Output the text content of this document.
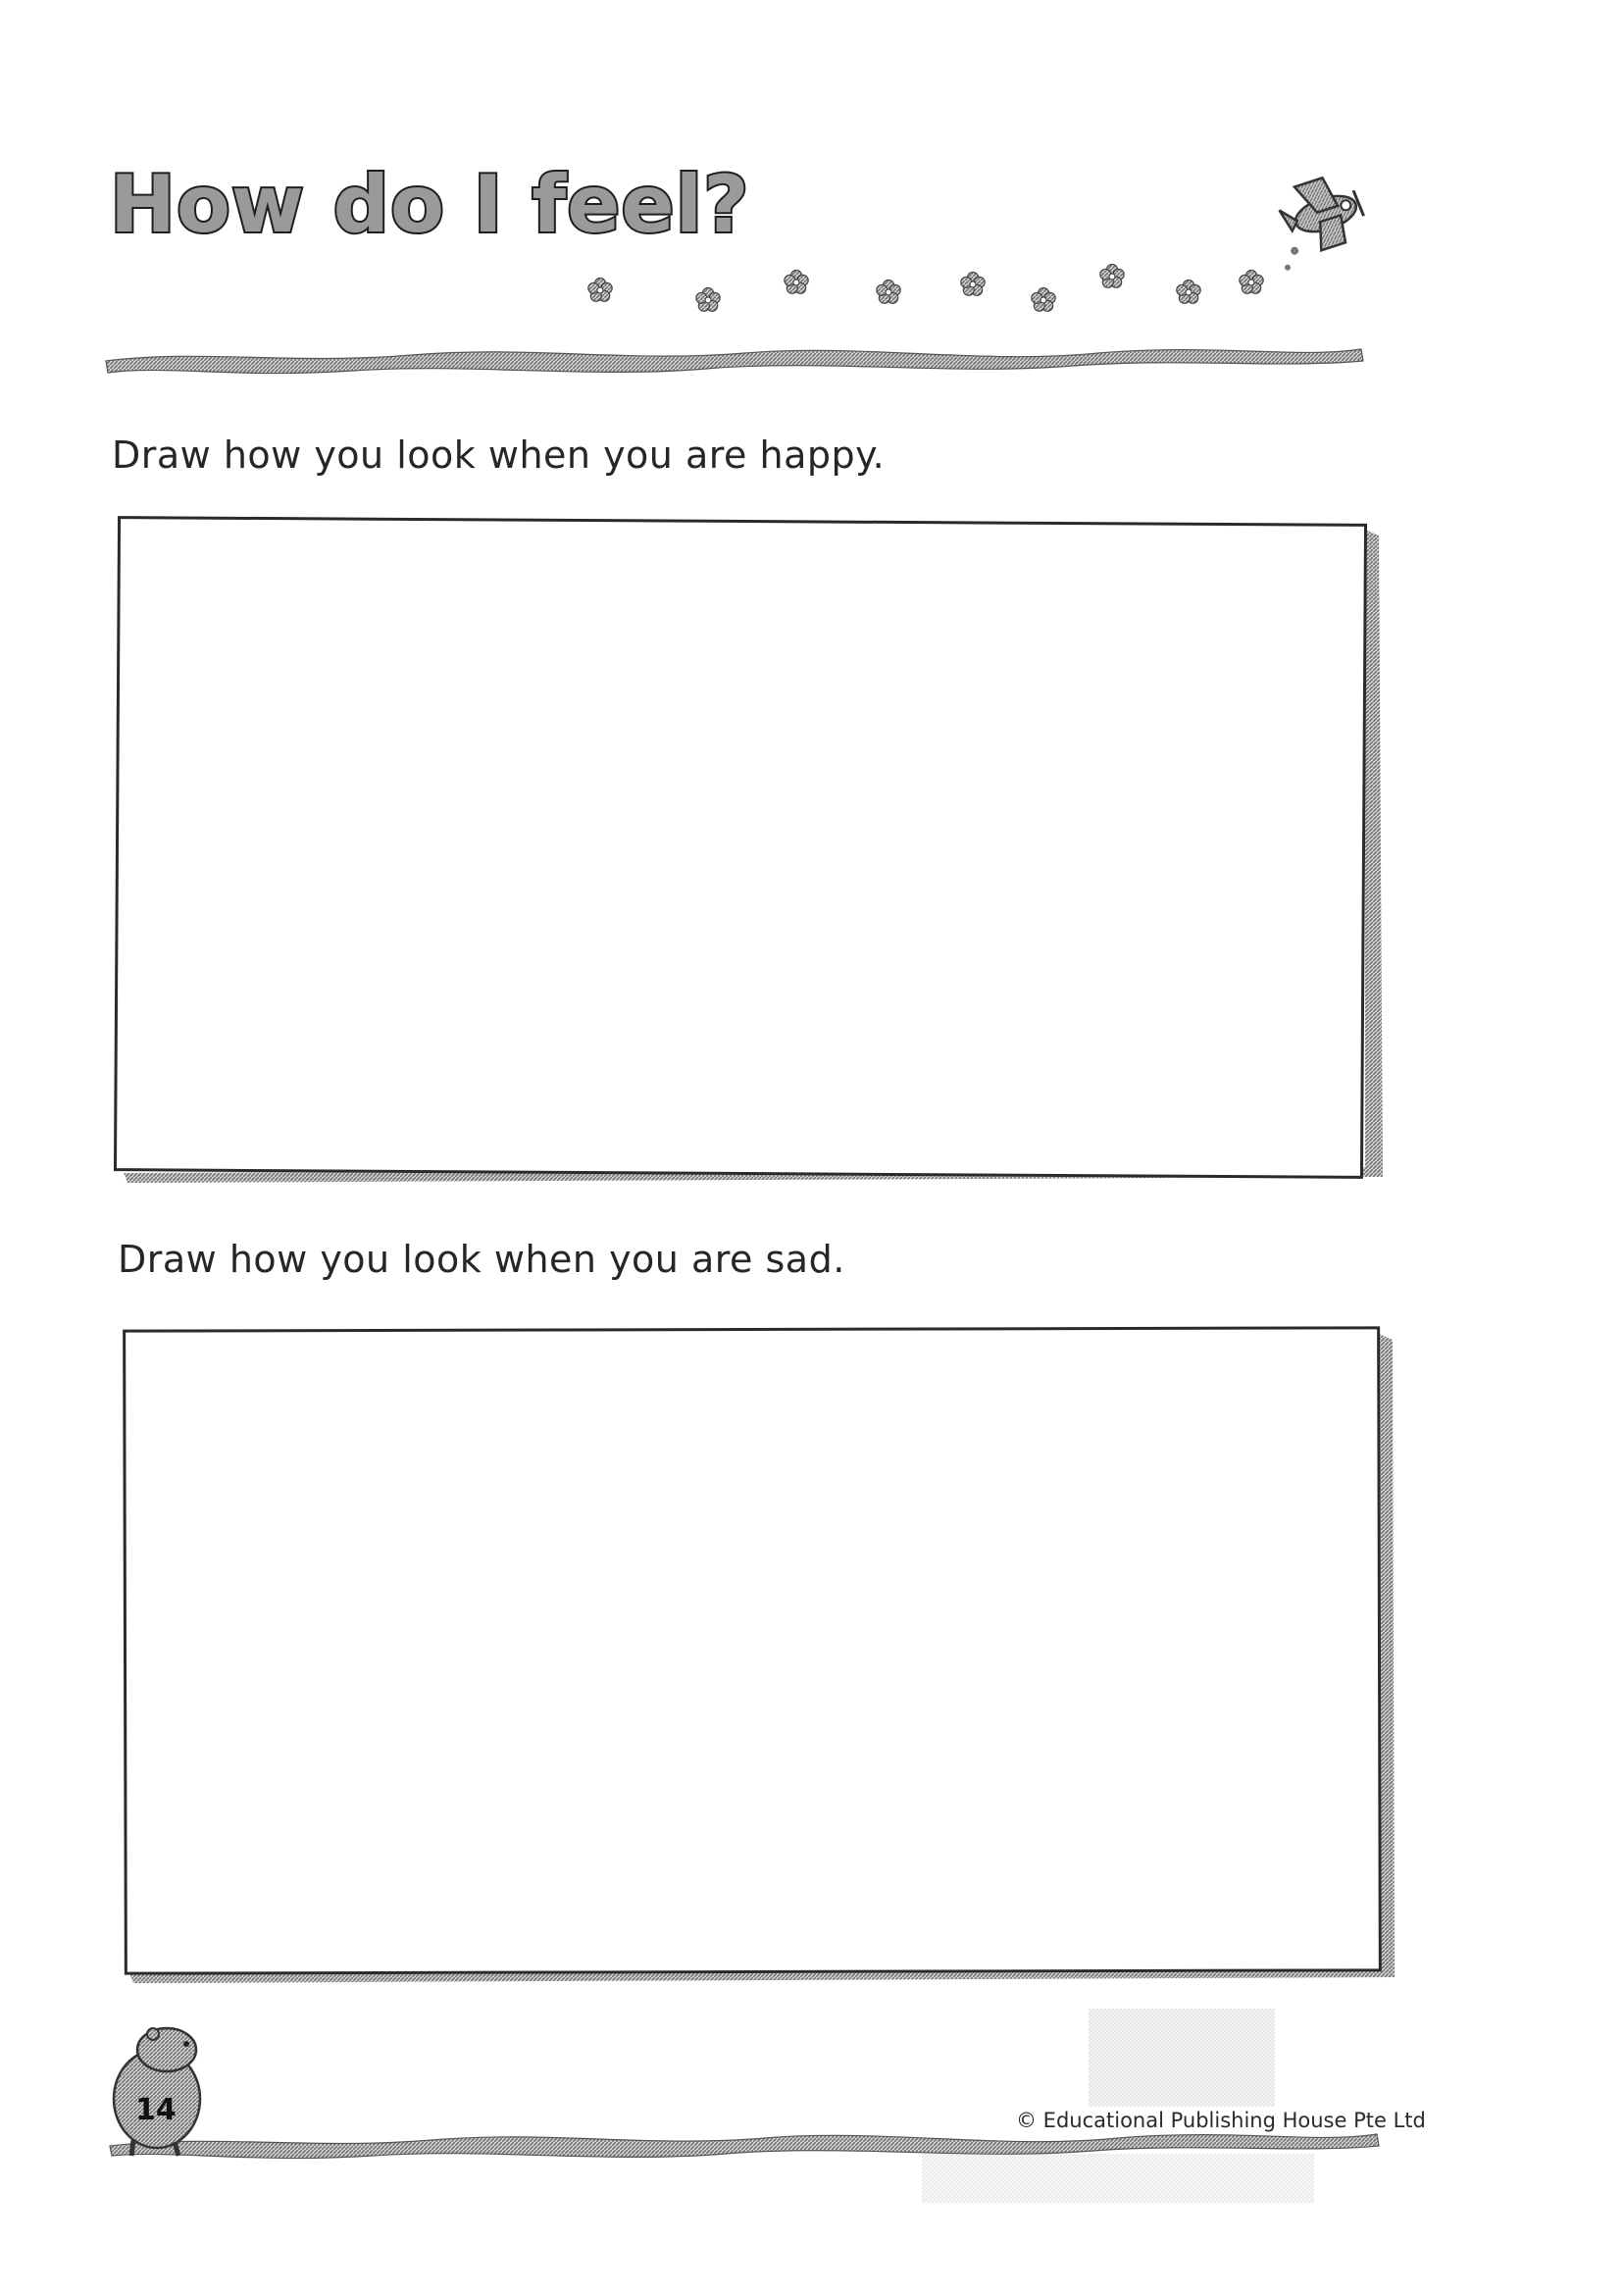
How do I feel?
Draw how you look when you are happy.
Draw how you look when you are sad.
14	© Educational Publishing House Pte Ltd
